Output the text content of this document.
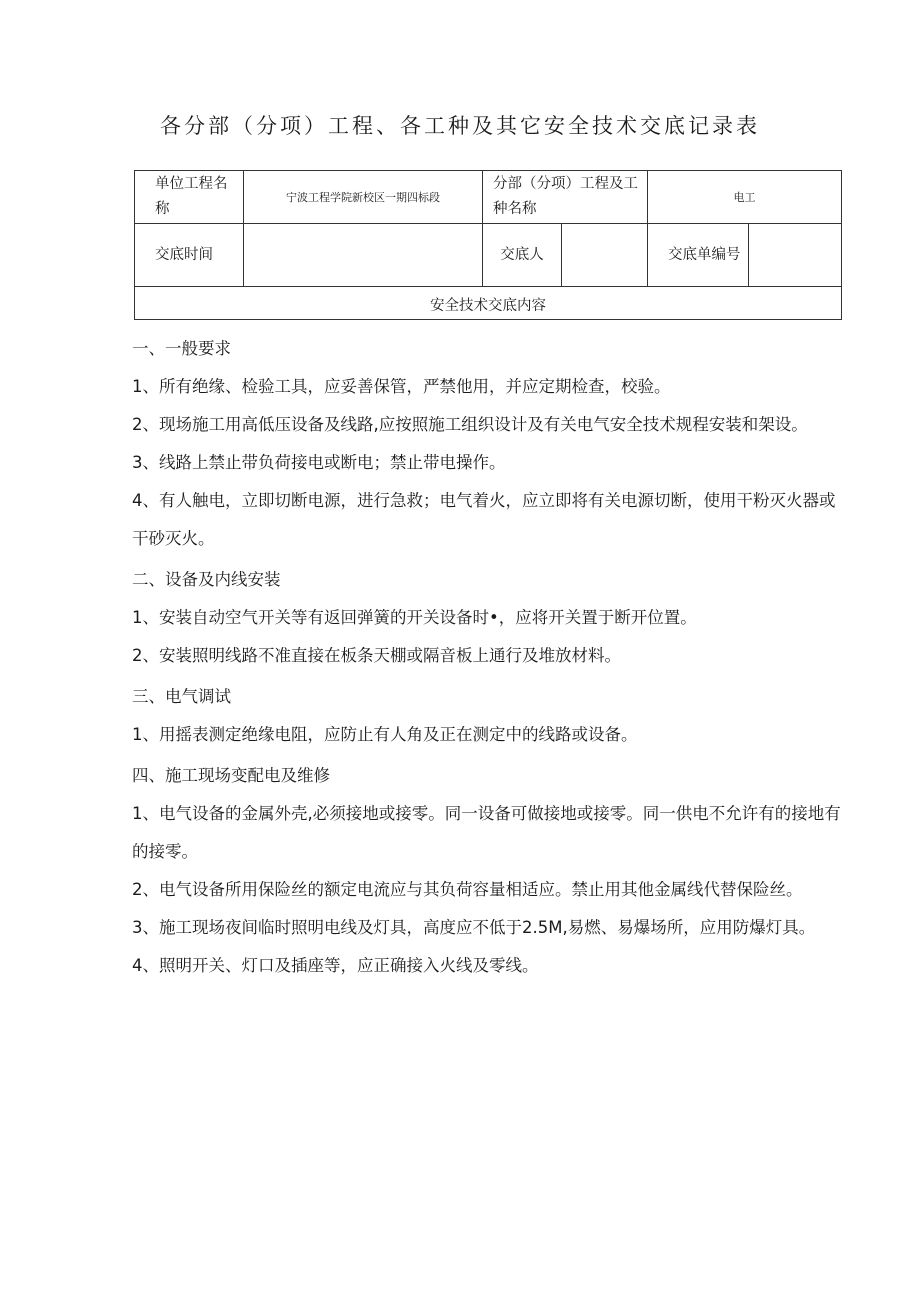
各分部（分项）工程、各工种及其它安全技术交底记录表
单位工程名称	宁波工程学院新校区一期四标段	分部（分项）工程及工种名称		电工	
交底时间		交底人		交底单编号	
安全技术交底内容					

一、一般要求

1、所有绝缘、检验工具，应妥善保管，严禁他用，并应定期检查，校验。

2、现场施工用高低压设备及线路,应按照施工组织设计及有关电气安全技术规程安装和架设。

3、线路上禁止带负荷接电或断电；禁止带电操作。

4、有人触电，立即切断电源，进行急救；电气着火，应立即将有关电源切断，使用干粉灭火器或干砂灭火。

二、设备及内线安装

1、安装自动空气开关等有返回弹簧的开关设备时•，应将开关置于断开位置。

2、安装照明线路不准直接在板条天棚或隔音板上通行及堆放材料。

三、电气调试

1、用摇表测定绝缘电阻，应防止有人角及正在测定中的线路或设备。

四、施工现场变配电及维修

1、电气设备的金属外壳,必须接地或接零。同一设备可做接地或接零。同一供电不允许有的接地有的接零。

2、电气设备所用保险丝的额定电流应与其负荷容量相适应。禁止用其他金属线代替保险丝。

3、施工现场夜间临时照明电线及灯具，高度应不低于2.5M,易燃、易爆场所，应用防爆灯具。

4、照明开关、灯口及插座等，应正确接入火线及零线。
